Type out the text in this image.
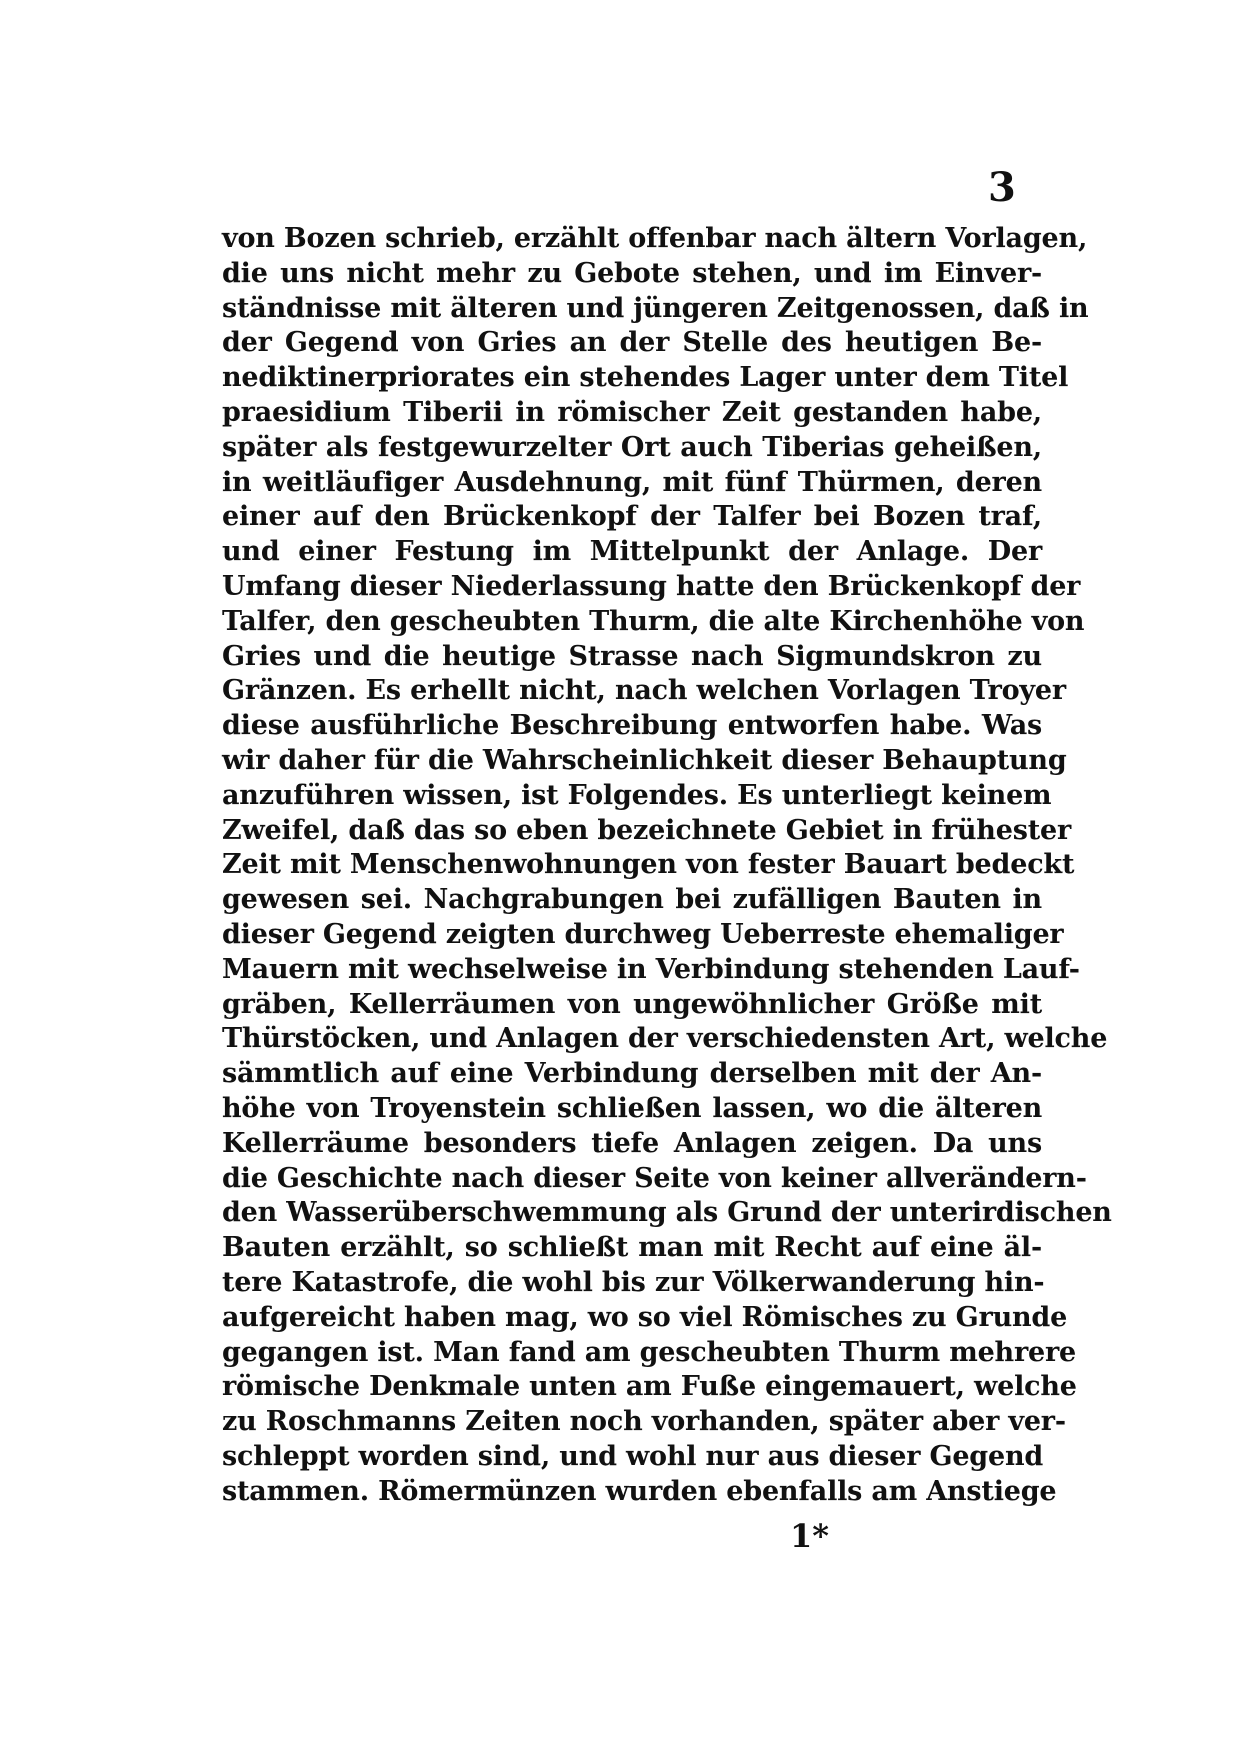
3
von Bozen schrieb, erzählt offenbar nach ältern Vorlagen,
die uns nicht mehr zu Gebote stehen, und im Einver-
ständnisse mit älteren und jüngeren Zeitgenossen, daß in
der Gegend von Gries an der Stelle des heutigen Be-
nediktinerpriorates ein stehendes Lager unter dem Titel
praesidium Tiberii in römischer Zeit gestanden habe,
später als festgewurzelter Ort auch Tiberias geheißen,
in weitläufiger Ausdehnung, mit fünf Thürmen, deren
einer auf den Brückenkopf der Talfer bei Bozen traf,
und einer Festung im Mittelpunkt der Anlage. Der
Umfang dieser Niederlassung hatte den Brückenkopf der
Talfer, den gescheubten Thurm, die alte Kirchenhöhe von
Gries und die heutige Strasse nach Sigmundskron zu
Gränzen. Es erhellt nicht, nach welchen Vorlagen Troyer
diese ausführliche Beschreibung entworfen habe. Was
wir daher für die Wahrscheinlichkeit dieser Behauptung
anzuführen wissen, ist Folgendes. Es unterliegt keinem
Zweifel, daß das so eben bezeichnete Gebiet in frühester
Zeit mit Menschenwohnungen von fester Bauart bedeckt
gewesen sei. Nachgrabungen bei zufälligen Bauten in
dieser Gegend zeigten durchweg Ueberreste ehemaliger
Mauern mit wechselweise in Verbindung stehenden Lauf-
gräben, Kellerräumen von ungewöhnlicher Größe mit
Thürstöcken, und Anlagen der verschiedensten Art, welche
sämmtlich auf eine Verbindung derselben mit der An-
höhe von Troyenstein schließen lassen, wo die älteren
Kellerräume besonders tiefe Anlagen zeigen. Da uns
die Geschichte nach dieser Seite von keiner allverändern-
den Wasserüberschwemmung als Grund der unterirdischen
Bauten erzählt, so schließt man mit Recht auf eine äl-
tere Katastrofe, die wohl bis zur Völkerwanderung hin-
aufgereicht haben mag, wo so viel Römisches zu Grunde
gegangen ist. Man fand am gescheubten Thurm mehrere
römische Denkmale unten am Fuße eingemauert, welche
zu Roschmanns Zeiten noch vorhanden, später aber ver-
schleppt worden sind, und wohl nur aus dieser Gegend
stammen. Römermünzen wurden ebenfalls am Anstiege
1*
